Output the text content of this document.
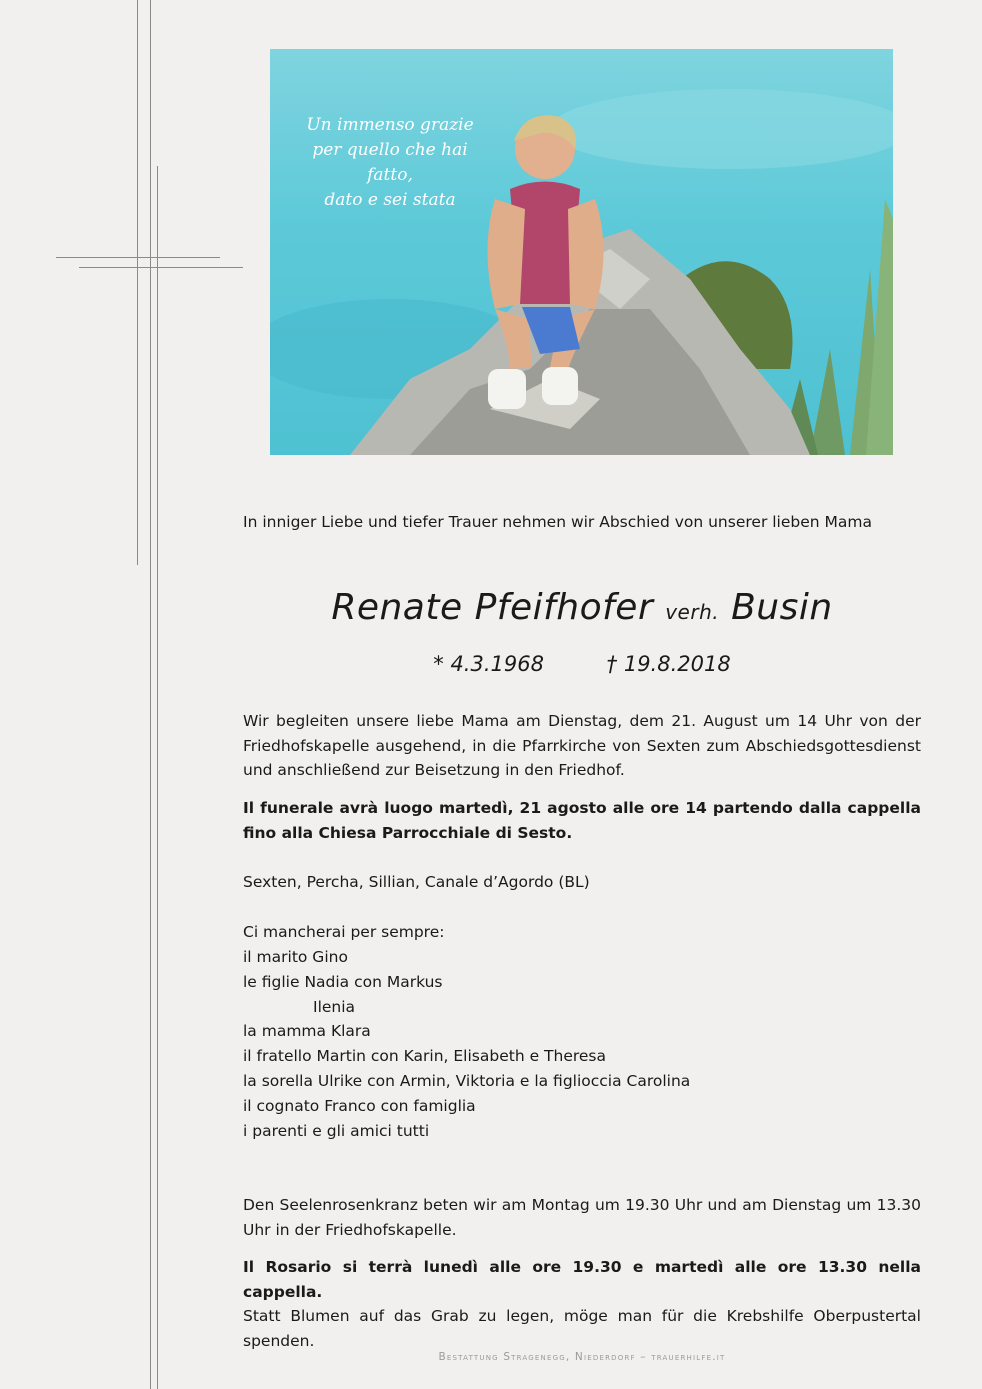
Un immenso grazie
per quello che hai fatto,
dato e sei stata

In inniger Liebe und tiefer Trauer nehmen wir Abschied von unserer lieben Mama

Renate Pfeifhofer verh. Busin
* 4.3.1968	† 19.8.2018

Wir begleiten unsere liebe Mama am Dienstag, dem 21. August um 14 Uhr von der Friedhofskapelle ausgehend, in die Pfarrkirche von Sexten zum Abschiedsgottesdienst und anschließend zur Beisetzung in den Friedhof.

Il funerale avrà luogo martedì, 21 agosto alle ore 14 partendo dalla cappella fino alla Chiesa Parrocchiale di Sesto.

Sexten, Percha, Sillian, Canale d’Agordo (BL)

Ci mancherai per sempre:

il marito Gino
le figlie Nadia con Markus
Ilenia
la mamma Klara
il fratello Martin con Karin, Elisabeth e Theresa
la sorella Ulrike con Armin, Viktoria e la figlioccia Carolina
il cognato Franco con famiglia
i parenti e gli amici tutti

Den Seelenrosenkranz beten wir am Montag um 19.30 Uhr und am Dienstag um 13.30 Uhr in der Friedhofskapelle.

Il Rosario si terrà lunedì alle ore 19.30 e martedì alle ore 13.30 nella cappella.

Statt Blumen auf das Grab zu legen, möge man für die Krebshilfe Oberpustertal spenden.

Bestattung Stragenegg, Niederdorf – trauerhilfe.it
